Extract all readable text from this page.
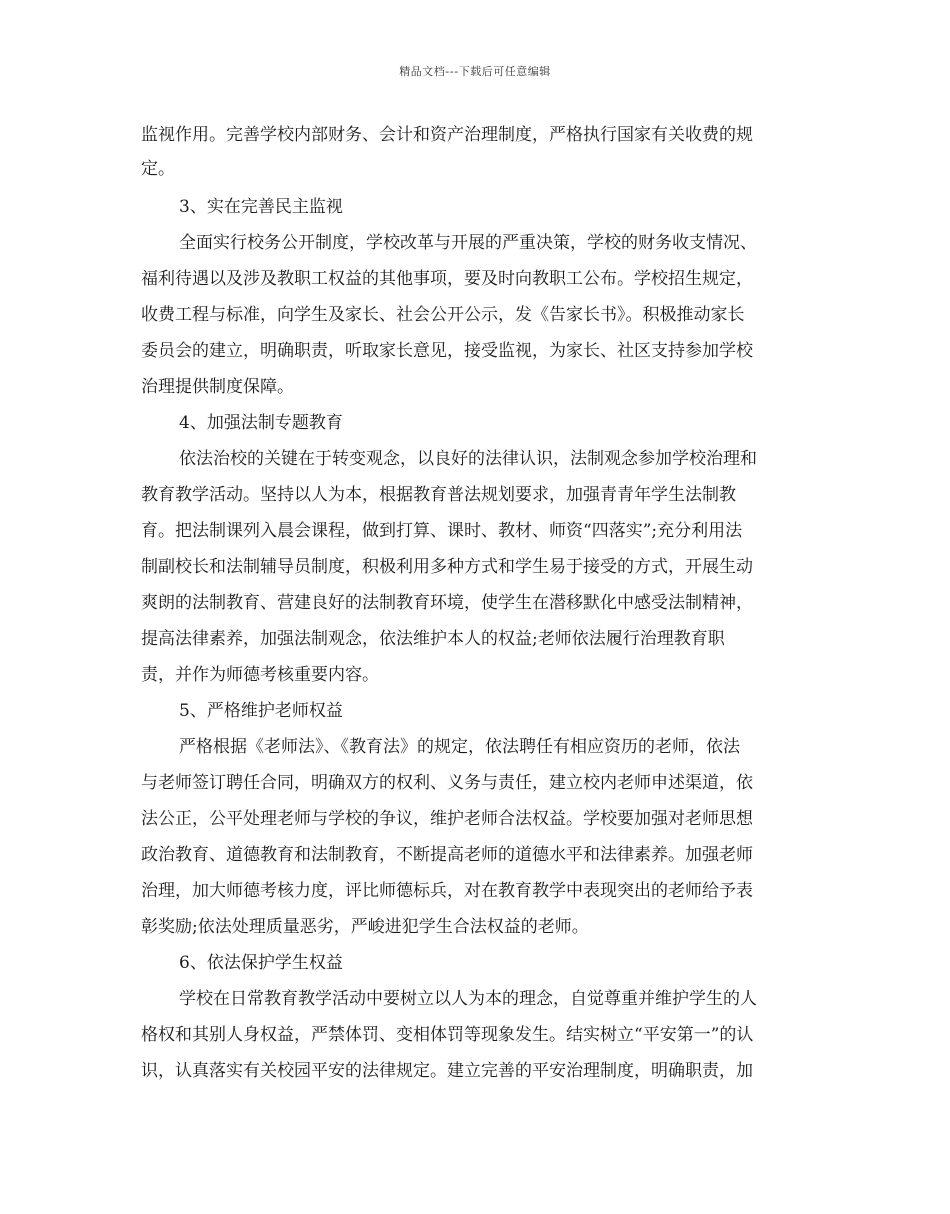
精品文档---下载后可任意编辑
监视作用。完善学校内部财务、会计和资产治理制度，严格执行国家有关收费的规
定。
3、实在完善民主监视
全面实行校务公开制度，学校改革与开展的严重决策，学校的财务收支情况、
福利待遇以及涉及教职工权益的其他事项，要及时向教职工公布。学校招生规定，
收费工程与标准，向学生及家长、社会公开公示，发《告家长书》。积极推动家长
委员会的建立，明确职责，听取家长意见，接受监视，为家长、社区支持参加学校
治理提供制度保障。
4、加强法制专题教育
依法治校的关键在于转变观念，以良好的法律认识，法制观念参加学校治理和
教育教学活动。坚持以人为本，根据教育普法规划要求，加强青青年学生法制教
育。把法制课列入晨会课程，做到打算、课时、教材、师资“四落实”;充分利用法
制副校长和法制辅导员制度，积极利用多种方式和学生易于接受的方式，开展生动
爽朗的法制教育、营建良好的法制教育环境，使学生在潜移默化中感受法制精神，
提高法律素养，加强法制观念，依法维护本人的权益;老师依法履行治理教育职
责，并作为师德考核重要内容。
5、严格维护老师权益
严格根据《老师法》、《教育法》的规定，依法聘任有相应资历的老师，依法
与老师签订聘任合同，明确双方的权利、义务与责任，建立校内老师申述渠道，依
法公正，公平处理老师与学校的争议，维护老师合法权益。学校要加强对老师思想
政治教育、道德教育和法制教育，不断提高老师的道德水平和法律素养。加强老师
治理，加大师德考核力度，评比师德标兵，对在教育教学中表现突出的老师给予表
彰奖励;依法处理质量恶劣，严峻进犯学生合法权益的老师。
6、依法保护学生权益
学校在日常教育教学活动中要树立以人为本的理念，自觉尊重并维护学生的人
格权和其别人身权益，严禁体罚、变相体罚等现象发生。结实树立“平安第一”的认
识，认真落实有关校园平安的法律规定。建立完善的平安治理制度，明确职责，加
